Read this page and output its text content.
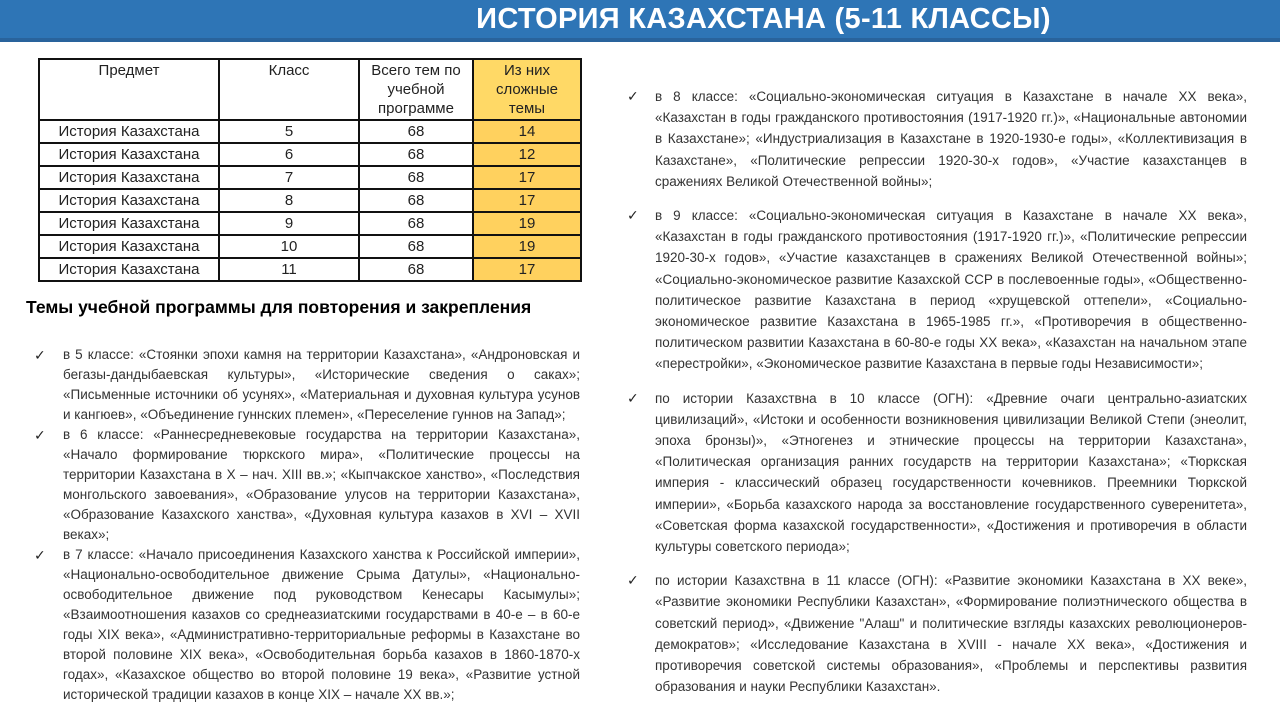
ИСТОРИЯ КАЗАХСТАНА (5-11 КЛАССЫ)
Предмет	Класс	Всего тем по учебной программе	Из них сложные темы
История Казахстана	5	68	14
История Казахстана	6	68	12
История Казахстана	7	68	17
История Казахстана	8	68	17
История Казахстана	9	68	19
История Казахстана	10	68	19
История Казахстана	11	68	17
Темы учебной программы для повторения и закрепления
✓	в 5 классе: «Стоянки эпохи камня на территории Казахстана», «Андроновская и бегазы-дандыбаевская культуры», «Исторические сведения о саках»; «Письменные источники об усунях», «Материальная и духовная культура усунов и кангюев», «Объединение гуннских племен», «Переселение гуннов на Запад»;
✓	в 6 классе: «Раннесредневековые государства на территории Казахстана», «Начало формирование тюркского мира», «Политические процессы на территории Казахстана в X – нач. XIII вв.»; «Кыпчакское ханство», «Последствия монгольского завоевания», «Образование улусов на территории Казахстана», «Образование Казахского ханства», «Духовная культура казахов в XVI – XVII веках»;
✓	в 7 классе: «Начало присоединения Казахского ханства к Российской империи», «Национально-освободительное движение Срыма Датулы», «Национально-освободительное движение под руководством Кенесары Касымулы»; «Взаимоотношения казахов со среднеазиатскими государствами в 40-е – в 60-е годы XIX века», «Административно-территориальные реформы в Казахстане во второй половине XIX века», «Освободительная борьба казахов в 1860-1870-х годах», «Казахское общество во второй половине 19 века», «Развитие устной исторической традиции казахов в конце XIX – начале XX вв.»;
✓	в 8 классе: «Социально-экономическая ситуация в Казахстане в начале XX века», «Казахстан в годы гражданского противостояния (1917-1920 гг.)», «Национальные автономии в Казахстане»; «Индустриализация в Казахстане в 1920-1930-е годы», «Коллективизация в Казахстане», «Политические репрессии 1920-30-х годов», «Участие казахстанцев в сражениях Великой Отечественной войны»;
✓	в 9 классе: «Социально-экономическая ситуация в Казахстане в начале XX века», «Казахстан в годы гражданского противостояния (1917-1920 гг.)», «Политические репрессии 1920-30-х годов», «Участие казахстанцев в сражениях Великой Отечественной войны»; «Социально-экономическое развитие Казахской ССР в послевоенные годы», «Общественно-политическое развитие Казахстана в период «хрущевской оттепели», «Социально-экономическое развитие Казахстана в 1965-1985 гг.», «Противоречия в общественно-политическом развитии Казахстана в 60-80-е годы XX века», «Казахстан на начальном этапе «перестройки», «Экономическое развитие Казахстана в первые годы Независимости»;
✓	по истории Казахствна в 10 классе (ОГН): «Древние очаги центрально-азиатских цивилизаций», «Истоки и особенности возникновения цивилизации Великой Степи (энеолит, эпоха бронзы)», «Этногенез и этнические процессы на территории Казахстана», «Политическая организация ранних государств на территории Казахстана»; «Тюркская империя - классический образец государственности кочевников. Преемники Тюркской империи», «Борьба казахского народа за восстановление государственного суверенитета», «Советская форма казахской государственности», «Достижения и противоречия в области культуры советского периода»;
✓	по истории Казахствна в 11 классе (ОГН): «Развитие экономики Казахстана в XX веке», «Развитие экономики Республики Казахстан», «Формирование полиэтнического общества в советский период», «Движение "Алаш" и политические взгляды казахских революционеров-демократов»; «Исследование Казахстана в XVIII - начале XX века», «Достижения и противоречия советской системы образования», «Проблемы и перспективы развития образования и науки Республики Казахстан».
